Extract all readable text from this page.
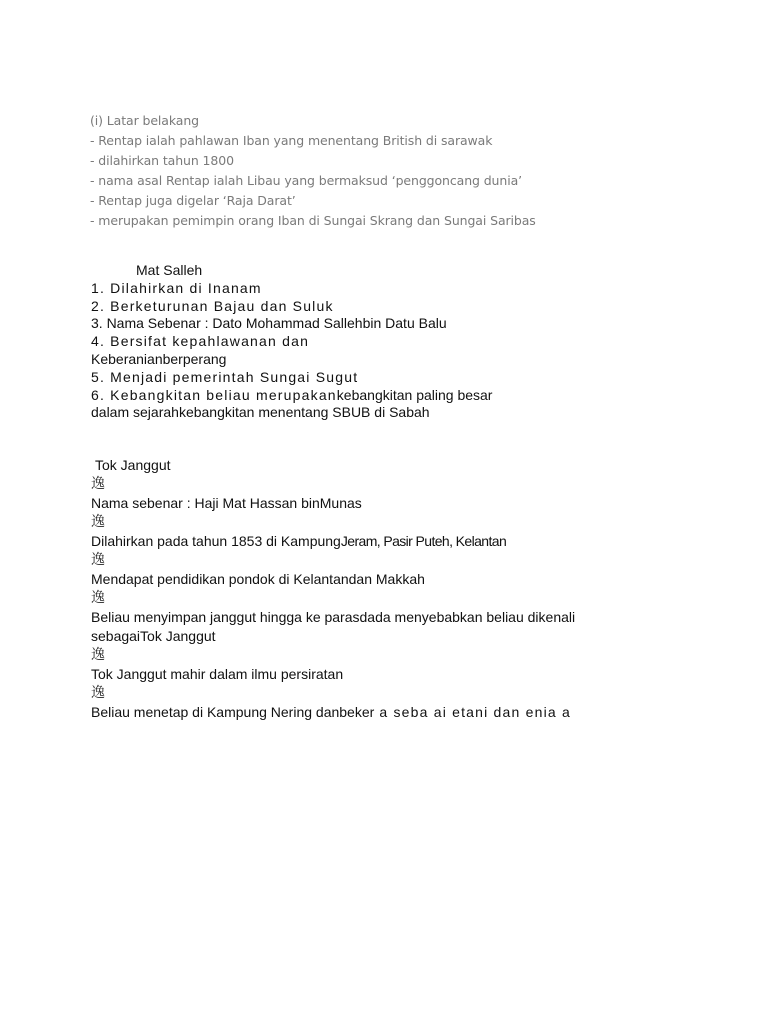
(i) Latar belakang
- Rentap ialah pahlawan Iban yang menentang British di sarawak
- dilahirkan tahun 1800
- nama asal Rentap ialah Libau yang bermaksud ‘penggoncang dunia’
- Rentap juga digelar ‘Raja Darat’
- merupakan pemimpin orang Iban di Sungai Skrang dan Sungai Saribas
Mat Salleh
1. Dilahirkan di Inanam
2. Berketurunan Bajau dan Suluk
3. Nama Sebenar : Dato Mohammad Sallehbin Datu Balu
4. Bersifat kepahlawanan dan
Keberanianberperang
5. Menjadi pemerintah Sungai Sugut
6. Kebangkitan beliau merupakankebangkitan paling besar
dalam sejarahkebangkitan menentang SBUB di Sabah
Tok Janggut
逸
Nama sebenar : Haji Mat Hassan binMunas
逸
Dilahirkan pada tahun 1853 di KampungJeram, Pasir Puteh, Kelantan
逸
Mendapat pendidikan pondok di Kelantandan Makkah
逸
Beliau menyimpan janggut hingga ke parasdada menyebabkan beliau dikenali
sebagaiTok Janggut
逸
Tok Janggut mahir dalam ilmu persiratan
逸
Beliau menetap di Kampung Nering danbeker a seba ai etani dan enia a
